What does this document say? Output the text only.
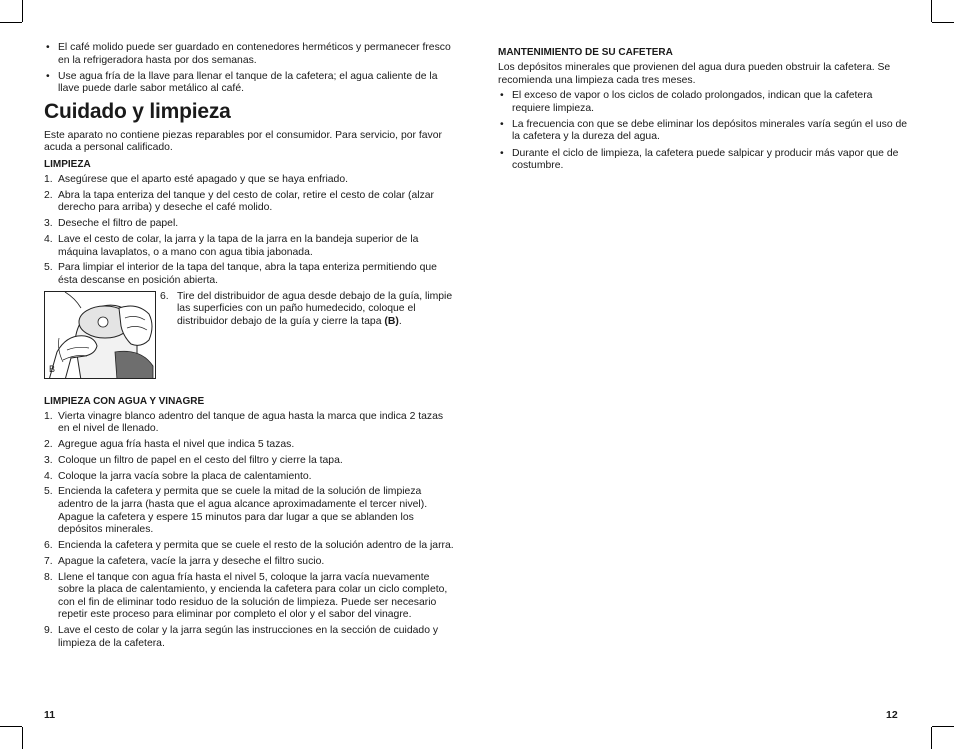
• El café molido puede ser guardado en contenedores herméticos y permanecer fresco en la refrigeradora hasta por dos semanas.
• Use agua fría de la llave para llenar el tanque de la cafetera; el agua caliente de la llave puede darle sabor metálico al café.
Cuidado y limpieza

Este aparato no contiene piezas reparables por el consumidor. Para servicio, por favor acuda a personal calificado.

LIMPIEZA
1. Asegúrese que el aparto esté apagado y que se haya enfriado.
2. Abra la tapa enteriza del tanque y del cesto de colar, retire el cesto de colar (alzar derecho para arriba) y deseche el café molido.
3. Deseche el filtro de papel.
4. Lave el cesto de colar, la jarra y la tapa de la jarra en la bandeja superior de la máquina lavaplatos, o a mano con agua tibia jabonada.
5. Para limpiar el interior de la tapa del tanque, abra la tapa enteriza permitiendo que ésta descanse en posición abierta.
B
6. Tire del distribuidor de agua desde debajo de la guía, limpie las superficies con un paño humedecido, coloque el distribuidor debajo de la guía y cierre la tapa (B).
LIMPIEZA CON AGUA Y VINAGRE
1. Vierta vinagre blanco adentro del tanque de agua hasta la marca que indica 2 tazas en el nivel de llenado.
2. Agregue agua fría hasta el nivel que indica 5 tazas.
3. Coloque un filtro de papel en el cesto del filtro y cierre la tapa.
4. Coloque la jarra vacía sobre la placa de calentamiento.
5. Encienda la cafetera y permita que se cuele la mitad de la solución de limpieza adentro de la jarra (hasta que el agua alcance aproximadamente el tercer nivel). Apague la cafetera y espere 15 minutos para dar lugar a que se ablanden los depósitos minerales.
6. Encienda la cafetera y permita que se cuele el resto de la solución adentro de la jarra.
7. Apague la cafetera, vacíe la jarra y deseche el filtro sucio.
8. Llene el tanque con agua fría hasta el nivel 5, coloque la jarra vacía nuevamente sobre la placa de calentamiento, y encienda la cafetera para colar un ciclo completo, con el fin de eliminar todo residuo de la solución de limpieza. Puede ser necesario repetir este proceso para eliminar por completo el olor y el sabor del vinagre.
9. Lave el cesto de colar y la jarra según las instrucciones en la sección de cuidado y limpieza de la cafetera.
MANTENIMIENTO DE SU CAFETERA

Los depósitos minerales que provienen del agua dura pueden obstruir la cafetera. Se recomienda una limpieza cada tres meses.

• El exceso de vapor o los ciclos de colado prolongados, indican que la cafetera requiere limpieza.
• La frecuencia con que se debe eliminar los depósitos minerales varía según el uso de la cafetera y la dureza del agua.
• Durante el ciclo de limpieza, la cafetera puede salpicar y producir más vapor que de costumbre.
11	12
